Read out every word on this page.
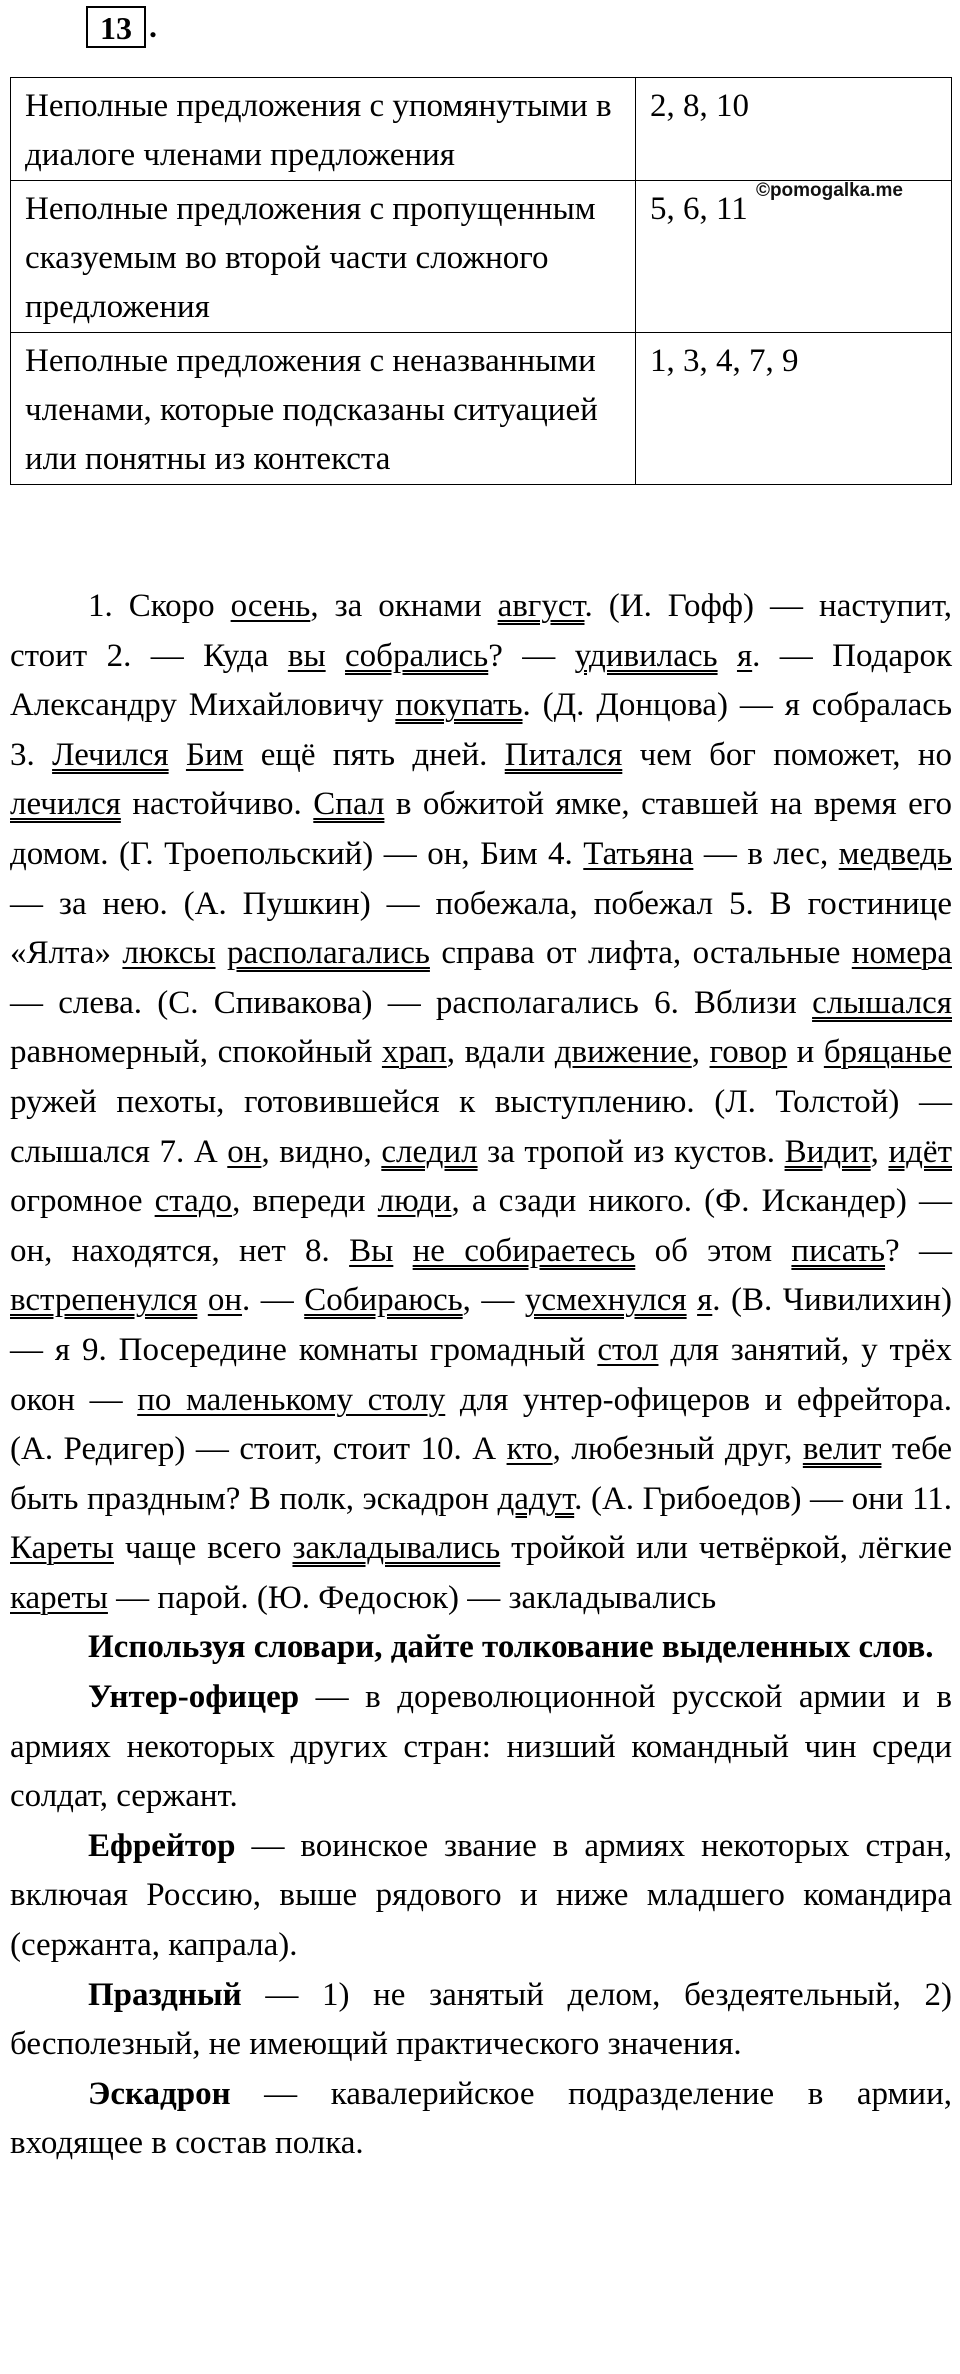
13 .
Неполные предложения с упомянутыми в диалоге членами предложения	2, 8, 10
©pomogalka.me

Неполные предложения с пропущенным сказуемым во второй части сложного предложения	5, 6, 11
Неполные предложения с неназванными членами, которые подсказаны ситуацией или понятны из контекста	1, 3, 4, 7, 9

1. Скоро осень, за окнами август. (И. Гофф) — наступит, стоит 2. — Куда вы собрались? — удивилась я. — Подарок Александру Михайловичу покупать. (Д. Донцова) — я собралась 3. Лечился Бим ещё пять дней. Питался чем бог поможет, но лечился настойчиво. Спал в обжитой ямке, ставшей на время его домом. (Г. Троепольский) — он, Бим 4. Татьяна — в лес, медведь — за нею. (А. Пушкин) — побежала, побежал 5. В гостинице «Ялта» люксы располагались справа от лифта, остальные номера — слева. (С. Спивакова) — располагались 6. Вблизи слышался равномерный, спокойный храп, вдали движение, говор и бряцанье ружей пехоты, готовившейся к выступлению. (Л. Толстой) — слышался 7. А он, видно, следил за тропой из кустов. Видит, идёт огромное стадо, впереди люди, а сзади никого. (Ф. Искандер) — он, находятся, нет 8. Вы не собираетесь об этом писать? — встрепенулся он. — Собираюсь, — усмехнулся я. (В. Чивилихин) — я 9. Посередине комнаты громадный стол для занятий, у трёх окон — по маленькому столу для унтер-офицеров и ефрейтора. (А. Редигер) — стоит, стоит 10. А кто, любезный друг, велит тебе быть праздным? В полк, эскадрон дадут. (А. Грибоедов) — они 11. Кареты чаще всего закладывались тройкой или четвёркой, лёгкие кареты — парой. (Ю. Федосюк) — закладывались

Используя словари, дайте толкование выделенных слов.

Унтер-офицер — в дореволюционной русской армии и в армиях некоторых других стран: низший командный чин среди солдат, сержант.

Ефрейтор — воинское звание в армиях некоторых стран, включая Россию, выше рядового и ниже младшего командира (сержанта, капрала).

Праздный — 1) не занятый делом, бездеятельный, 2) бесполезный, не имеющий практического значения.

Эскадрон — кавалерийское подразделение в армии, входящее в состав полка.
